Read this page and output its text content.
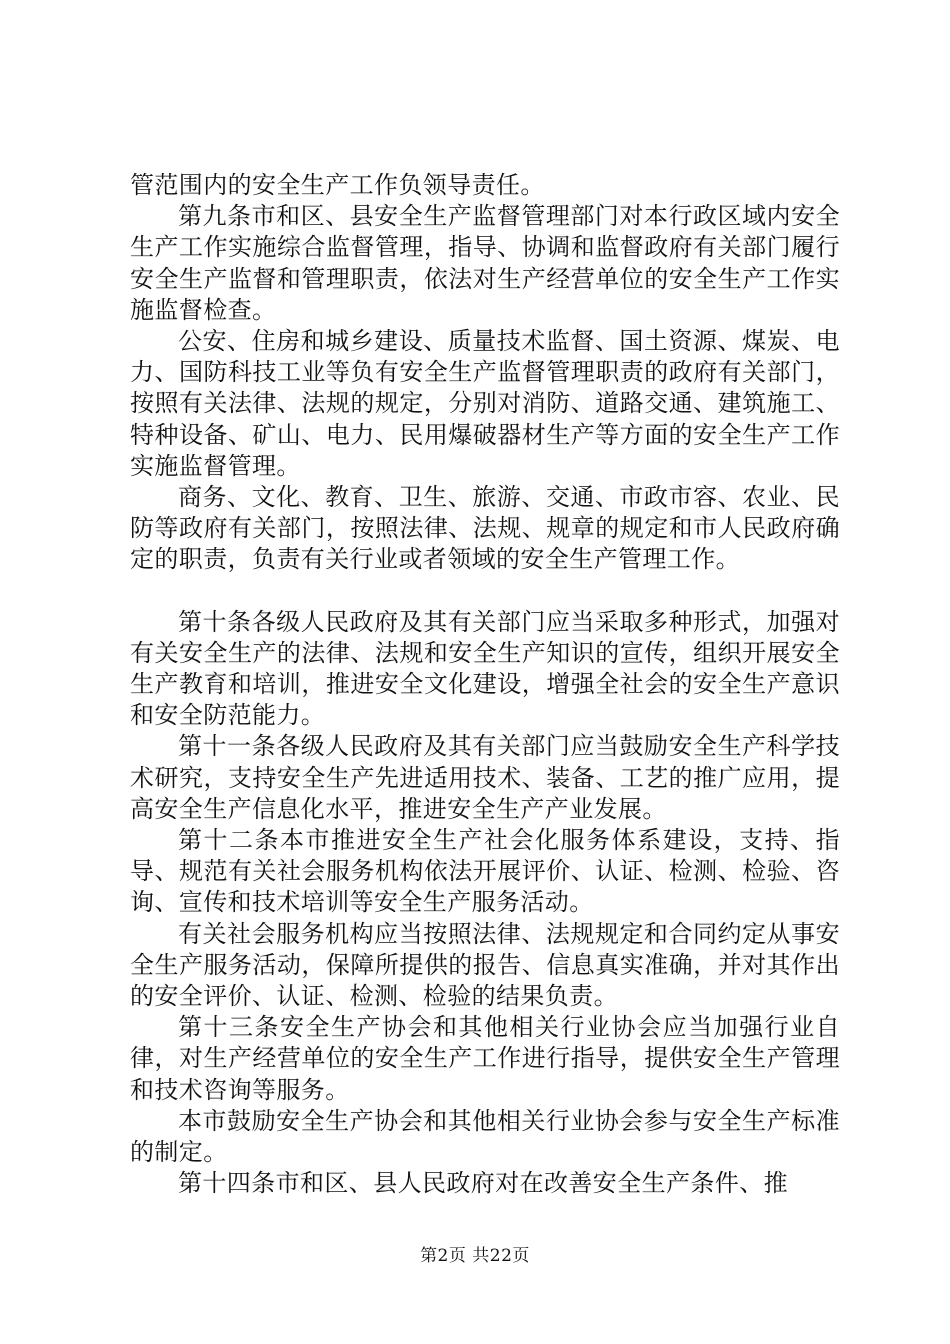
管范围内的安全生产工作负领导责任。

第九条市和区、县安全生产监督管理部门对本行政区域内安全生产工作实施综合监督管理，指导、协调和监督政府有关部门履行安全生产监督和管理职责，依法对生产经营单位的安全生产工作实施监督检查。

公安、住房和城乡建设、质量技术监督、国土资源、煤炭、电力、国防科技工业等负有安全生产监督管理职责的政府有关部门，按照有关法律、法规的规定，分别对消防、道路交通、建筑施工、特种设备、矿山、电力、民用爆破器材生产等方面的安全生产工作实施监督管理。

商务、文化、教育、卫生、旅游、交通、市政市容、农业、民防等政府有关部门，按照法律、法规、规章的规定和市人民政府确定的职责，负责有关行业或者领域的安全生产管理工作。

第十条各级人民政府及其有关部门应当采取多种形式，加强对有关安全生产的法律、法规和安全生产知识的宣传，组织开展安全生产教育和培训，推进安全文化建设，增强全社会的安全生产意识和安全防范能力。

第十一条各级人民政府及其有关部门应当鼓励安全生产科学技术研究，支持安全生产先进适用技术、装备、工艺的推广应用，提高安全生产信息化水平，推进安全生产产业发展。

第十二条本市推进安全生产社会化服务体系建设，支持、指导、规范有关社会服务机构依法开展评价、认证、检测、检验、咨询、宣传和技术培训等安全生产服务活动。

有关社会服务机构应当按照法律、法规规定和合同约定从事安全生产服务活动，保障所提供的报告、信息真实准确，并对其作出的安全评价、认证、检测、检验的结果负责。

第十三条安全生产协会和其他相关行业协会应当加强行业自律，对生产经营单位的安全生产工作进行指导，提供安全生产管理和技术咨询等服务。

本市鼓励安全生产协会和其他相关行业协会参与安全生产标准的制定。

第十四条市和区、县人民政府对在改善安全生产条件、推

第2页 共22页
